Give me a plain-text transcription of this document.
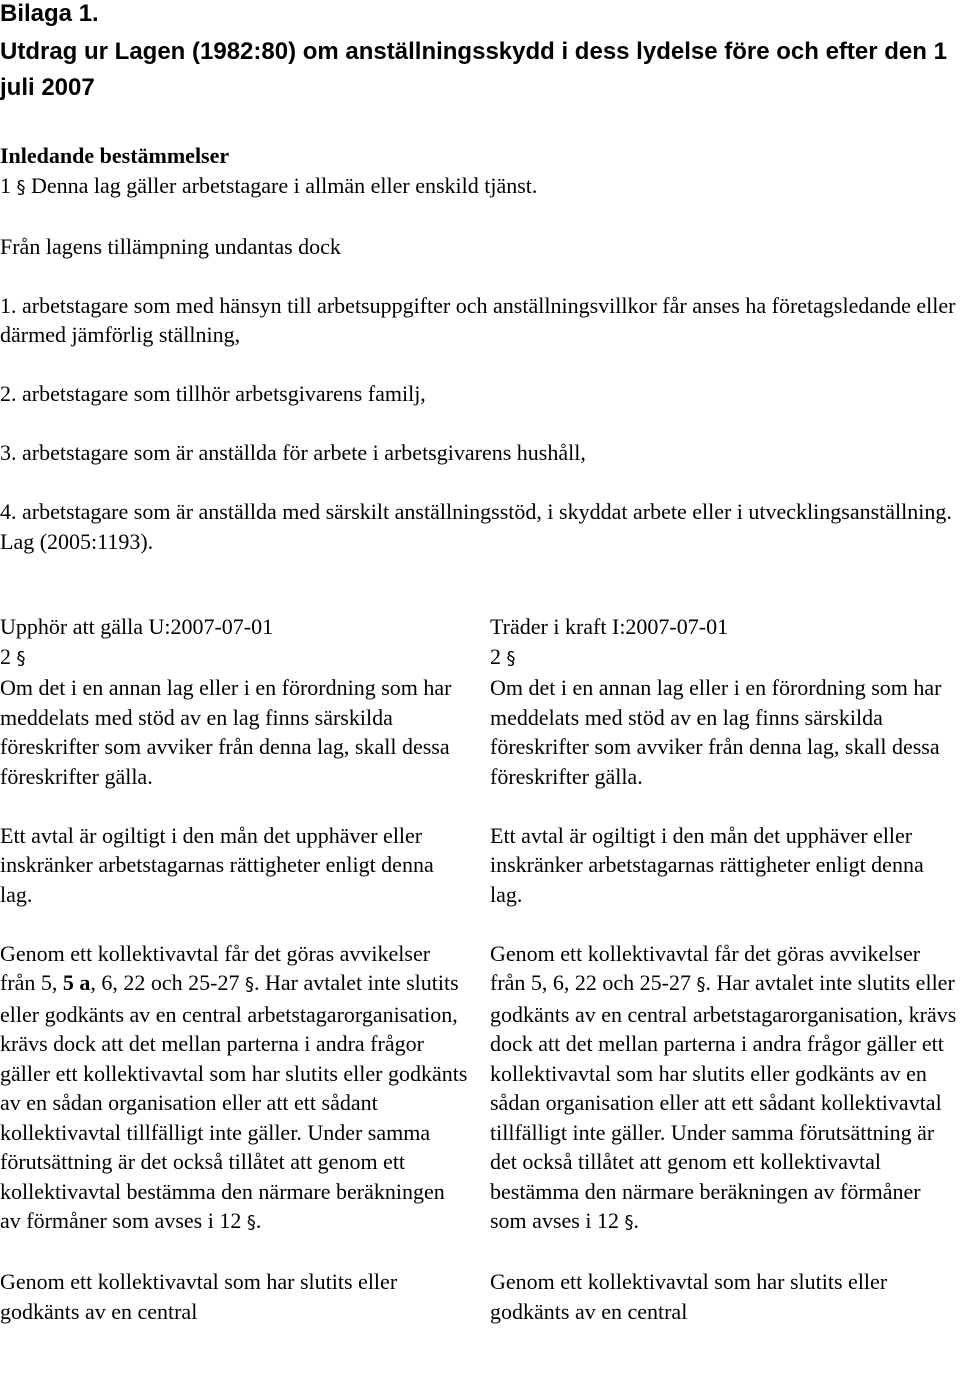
Bilaga 1.
Utdrag ur Lagen (1982:80) om anställningsskydd i dess lydelse före och efter den 1 juli 2007

Inledande bestämmelser
1 § Denna lag gäller arbetstagare i allmän eller enskild tjänst.

Från lagens tillämpning undantas dock

1. arbetstagare som med hänsyn till arbetsuppgifter och anställningsvillkor får anses ha företagsledande eller därmed jämförlig ställning,

2. arbetstagare som tillhör arbetsgivarens familj,

3. arbetstagare som är anställda för arbete i arbetsgivarens hushåll,

4. arbetstagare som är anställda med särskilt anställningsstöd, i skyddat arbete eller i utvecklingsanställning. Lag (2005:1193).

Upphör att gälla U:2007-07-01
2 §
Om det i en annan lag eller i en förordning som har meddelats med stöd av en lag finns särskilda föreskrifter som avviker från denna lag, skall dessa föreskrifter gälla.

Ett avtal är ogiltigt i den mån det upphäver eller inskränker arbetstagarnas rättigheter enligt denna lag.

Genom ett kollektivavtal får det göras avvikelser från 5, 5 a, 6, 22 och 25-27 §. Har avtalet inte slutits eller godkänts av en central arbetstagarorganisation, krävs dock att det mellan parterna i andra frågor gäller ett kollektivavtal som har slutits eller godkänts av en sådan organisation eller att ett sådant kollektivavtal tillfälligt inte gäller. Under samma förutsättning är det också tillåtet att genom ett kollektivavtal bestämma den närmare beräkningen av förmåner som avses i 12 §.

Genom ett kollektivavtal som har slutits eller godkänts av en central

Träder i kraft I:2007-07-01
2 §
Om det i en annan lag eller i en förordning som har meddelats med stöd av en lag finns särskilda föreskrifter som avviker från denna lag, skall dessa föreskrifter gälla.

Ett avtal är ogiltigt i den mån det upphäver eller inskränker arbetstagarnas rättigheter enligt denna lag.

Genom ett kollektivavtal får det göras avvikelser från 5, 6, 22 och 25-27 §. Har avtalet inte slutits eller godkänts av en central arbetstagarorganisation, krävs dock att det mellan parterna i andra frågor gäller ett kollektivavtal som har slutits eller godkänts av en sådan organisation eller att ett sådant kollektivavtal tillfälligt inte gäller. Under samma förutsättning är det också tillåtet att genom ett kollektivavtal bestämma den närmare beräkningen av förmåner som avses i 12 §.

Genom ett kollektivavtal som har slutits eller godkänts av en central
